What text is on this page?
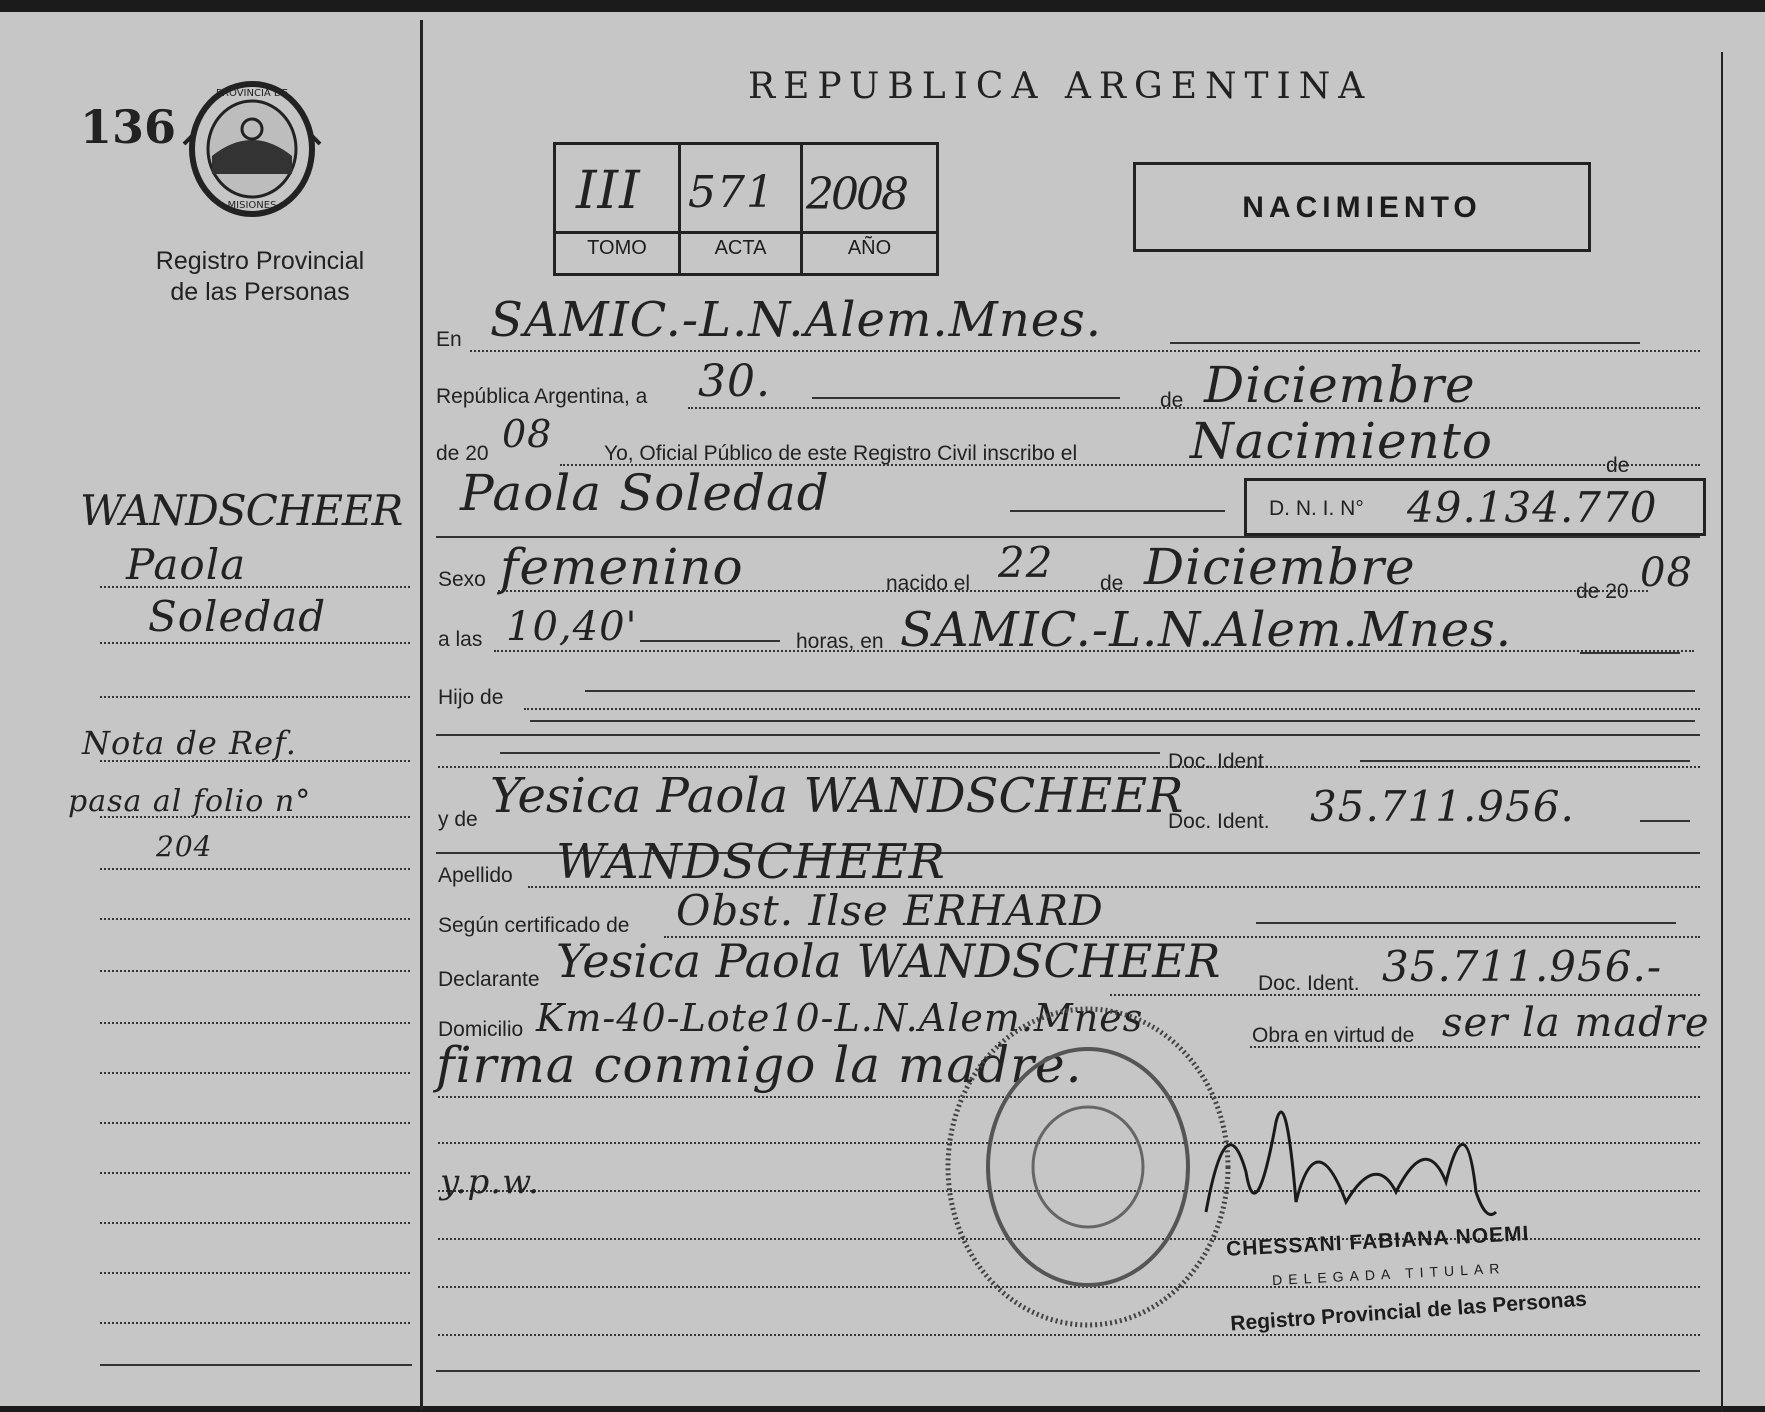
136
PROVINCIA DE
MISIONES
Registro Provincial
de las Personas
REPUBLICA ARGENTINA
III 571 2008
TOMO	ACTA	AÑO
NACIMIENTO
En SAMIC.-L.N.Alem.Mnes.
República Argentina, a 30.	de Diciembre
de 20 08 Yo, Oficial Público de este Registro Civil inscribo el Nacimiento	de
Paola Soledad	D. N. I. N° 49.134.770
Sexo femenino	nacido el 22 de Diciembre	de 20 08
a las 10,40'	horas, en SAMIC.-L.N.Alem.Mnes.
Hijo de
Doc. Ident.
y de Yesica Paola WANDSCHEER
Doc. Ident. 35.711.956.
Apellido WANDSCHEER
Según certificado de Obst. Ilse ERHARD
Declarante Yesica Paola WANDSCHEER Doc. Ident. 35.711.956.-
Domicilio Km-40-Lote10-L.N.Alem.Mnes	Obra en virtud de ser la madre
firma conmigo la madre.
y.p.w.
CHESSANI FABIANA NOEMI
DELEGADA TITULAR
Registro Provincial de las Personas
WANDSCHEER
Paola
Soledad
Nota de Ref.
pasa al folio n°
204
